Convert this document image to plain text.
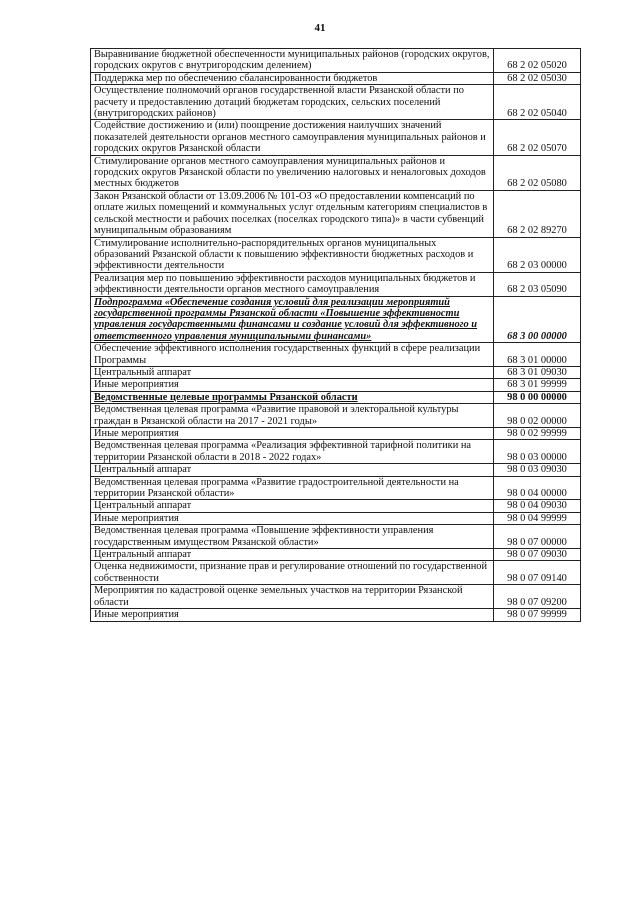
41
Выравнивание бюджетной обеспеченности муниципальных районов (городских округов, городских округов с внутригородским делением)	68 2 02 05020
Поддержка мер по обеспечению сбалансированности бюджетов	68 2 02 05030
Осуществление полномочий органов государственной власти Рязанской области по расчету и предоставлению дотаций бюджетам городских, сельских поселений (внутригородских районов)	68 2 02 05040
Содействие достижению и (или) поощрение достижения наилучших значений показателей деятельности органов местного самоуправления муниципальных районов и городских округов Рязанской области	68 2 02 05070
Стимулирование органов местного самоуправления муниципальных районов и городских округов Рязанской области по увеличению налоговых и неналоговых доходов местных бюджетов	68 2 02 05080
Закон Рязанской области от 13.09.2006 № 101-ОЗ «О предоставлении компенсаций по оплате жилых помещений и коммунальных услуг отдельным категориям специалистов в сельской местности и рабочих поселках (поселках городского типа)» в части субвенций муниципальным образованиям	68 2 02 89270
Стимулирование исполнительно-распорядительных органов муниципальных образований Рязанской области к повышению эффективности бюджетных расходов и эффективности деятельности	68 2 03 00000
Реализация мер по повышению эффективности расходов муниципальных бюджетов и эффективности деятельности органов местного самоуправления	68 2 03 05090
Подпрограмма «Обеспечение создания условий для реализации мероприятий государственной программы Рязанской области «Повышение эффективности управления государственными финансами и создание условий для эффективного и ответственного управления муниципальными финансами»	68 3 00 00000
Обеспечение эффективного исполнения государственных функций в сфере реализации Программы	68 3 01 00000
Центральный аппарат	68 3 01 09030
Иные мероприятия	68 3 01 99999
Ведомственные целевые программы Рязанской области	98 0 00 00000
Ведомственная целевая программа «Развитие правовой и электоральной культуры граждан в Рязанской области на 2017 - 2021 годы»	98 0 02 00000
Иные мероприятия	98 0 02 99999
Ведомственная целевая программа «Реализация эффективной тарифной политики на территории Рязанской области в 2018 - 2022 годах»	98 0 03 00000
Центральный аппарат	98 0 03 09030
Ведомственная целевая программа «Развитие градостроительной деятельности на территории Рязанской области»	98 0 04 00000
Центральный аппарат	98 0 04 09030
Иные мероприятия	98 0 04 99999
Ведомственная целевая программа «Повышение эффективности управления государственным имуществом Рязанской области»	98 0 07 00000
Центральный аппарат	98 0 07 09030
Оценка недвижимости, признание прав и регулирование отношений по государственной собственности	98 0 07 09140
Мероприятия по кадастровой оценке земельных участков на территории Рязанской области	98 0 07 09200
Иные мероприятия	98 0 07 99999
